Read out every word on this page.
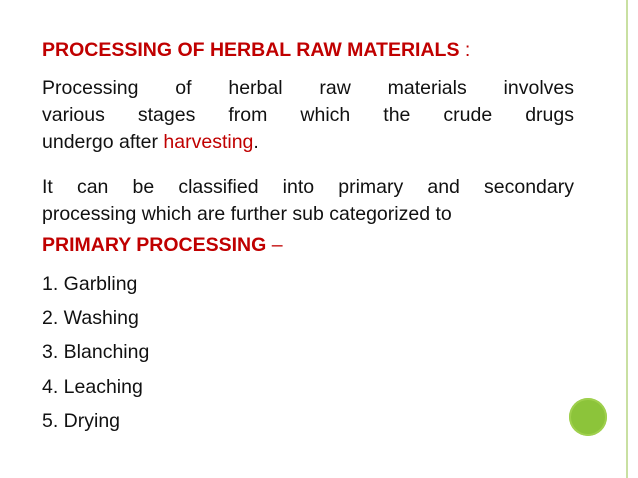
PROCESSING OF HERBAL RAW MATERIALS :
Processing of herbal raw materials involves
various stages from which the crude drugs
undergo after harvesting.
It can be classified into primary and secondary
processing which are further sub categorized to
PRIMARY PROCESSING –
1. Garbling
2. Washing
3. Blanching
4. Leaching
5. Drying
